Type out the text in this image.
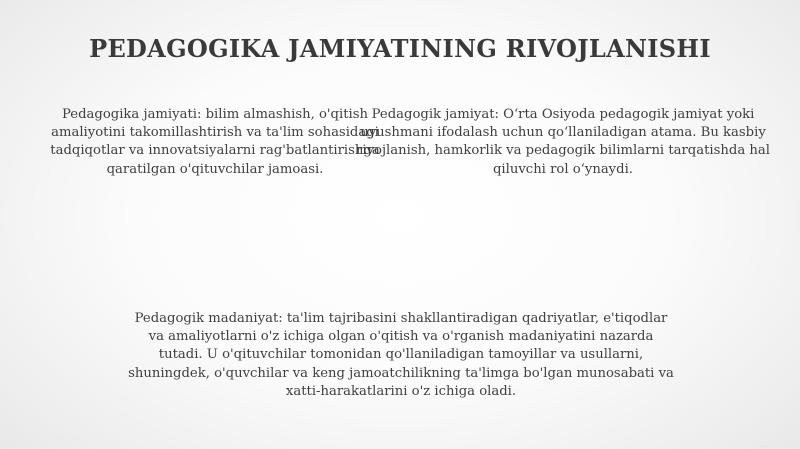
PEDAGOGIKA JAMIYATINING RIVOJLANISHI

Pedagogika jamiyati: bilim almashish, o'qitish amaliyotini takomillashtirish va ta'lim sohasidagi tadqiqotlar va innovatsiyalarni rag'batlantirishga qaratilgan o'qituvchilar jamoasi.

Pedagogik jamiyat: O‘rta Osiyoda pedagogik jamiyat yoki uyushmani ifodalash uchun qo‘llaniladigan atama. Bu kasbiy rivojlanish, hamkorlik va pedagogik bilimlarni tarqatishda hal qiluvchi rol o‘ynaydi.

Pedagogik madaniyat: ta'lim tajribasini shakllantiradigan qadriyatlar, e'tiqodlar va amaliyotlarni o'z ichiga olgan o'qitish va o'rganish madaniyatini nazarda tutadi. U o'qituvchilar tomonidan qo'llaniladigan tamoyillar va usullarni, shuningdek, o'quvchilar va keng jamoatchilikning ta'limga bo'lgan munosabati va xatti-harakatlarini o'z ichiga oladi.
